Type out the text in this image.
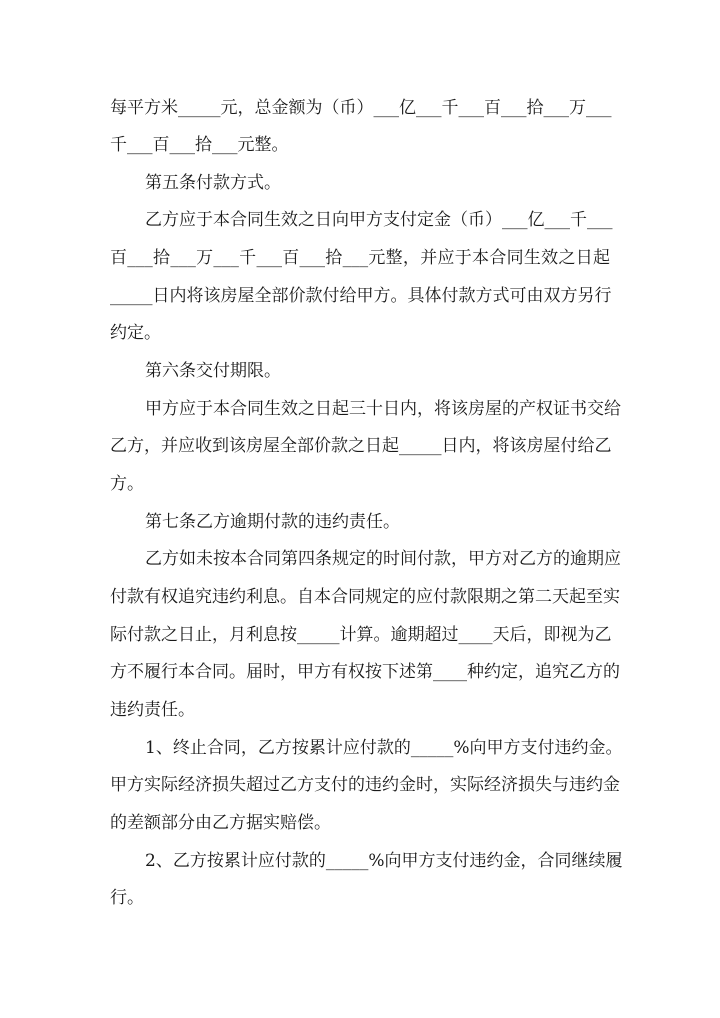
每平方米_____元，总金额为（币）___亿___千___百___拾___万___
千___百___拾___元整。
第五条付款方式。
乙方应于本合同生效之日向甲方支付定金（币）___亿___千___
百___拾___万___千___百___拾___元整，并应于本合同生效之日起
_____日内将该房屋全部价款付给甲方。具体付款方式可由双方另行
约定。
第六条交付期限。
甲方应于本合同生效之日起三十日内，将该房屋的产权证书交给
乙方，并应收到该房屋全部价款之日起_____日内，将该房屋付给乙
方。
第七条乙方逾期付款的违约责任。
乙方如未按本合同第四条规定的时间付款，甲方对乙方的逾期应
付款有权追究违约利息。自本合同规定的应付款限期之第二天起至实
际付款之日止，月利息按_____计算。逾期超过____天后，即视为乙
方不履行本合同。届时，甲方有权按下述第____种约定，追究乙方的
违约责任。
1、终止合同，乙方按累计应付款的_____%向甲方支付违约金。
甲方实际经济损失超过乙方支付的违约金时，实际经济损失与违约金
的差额部分由乙方据实赔偿。
2、乙方按累计应付款的_____%向甲方支付违约金，合同继续履
行。
